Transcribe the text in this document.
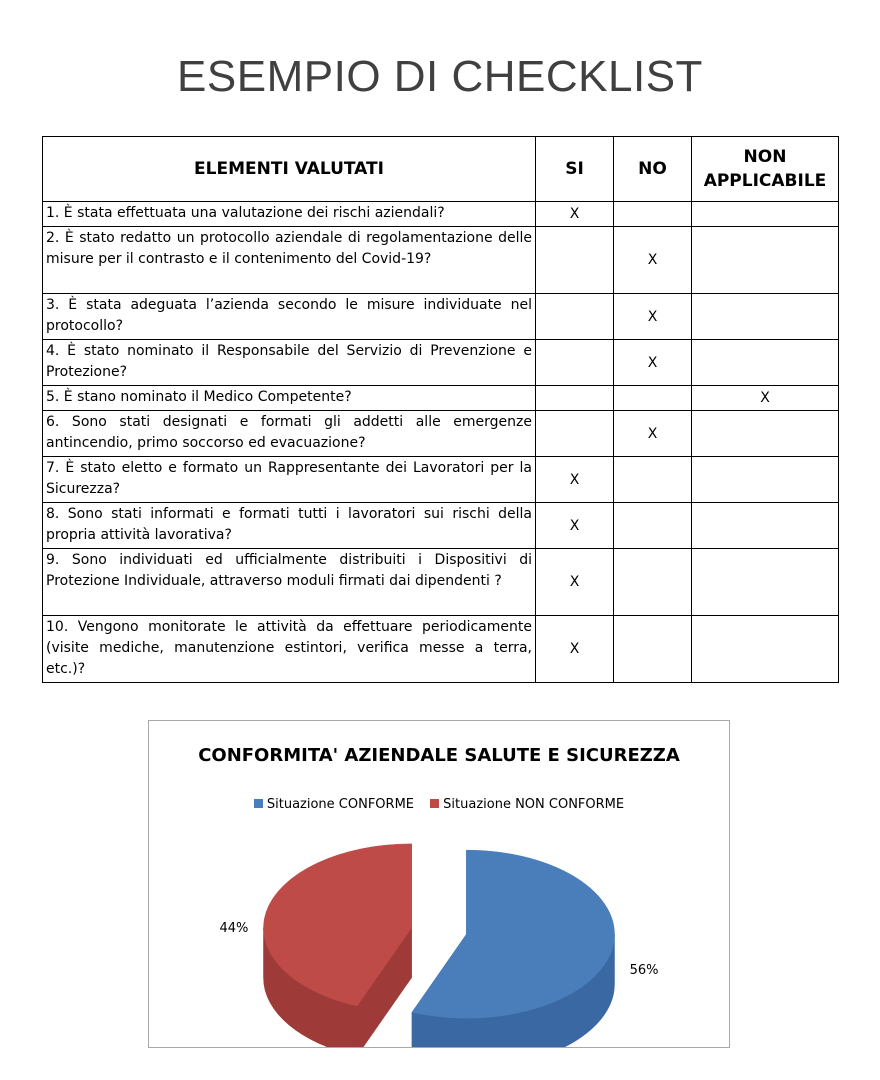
ESEMPIO DI CHECKLIST
ELEMENTI VALUTATI	SI	NO	NON
APPLICABILE
1. È stata effettuata una valutazione dei rischi aziendali?	X		
2. È stato redatto un protocollo aziendale di regolamentazione delle misure per il contrasto e il contenimento del Covid-19?		X	
3. È stata adeguata l’azienda secondo le misure individuate nel protocollo?		X	
4. È stato nominato il Responsabile del Servizio di Prevenzione e Protezione?		X	
5. È stano nominato il Medico Competente?			X
6. Sono stati designati e formati gli addetti alle emergenze antincendio, primo soccorso ed evacuazione?		X	
7. È stato eletto e formato un Rappresentante dei Lavoratori per la Sicurezza?	X		
8. Sono stati informati e formati tutti i lavoratori sui rischi della propria attività lavorativa?	X		
9. Sono individuati ed ufficialmente distribuiti i Dispositivi di Protezione Individuale, attraverso moduli firmati dai dipendenti ?	X		
10. Vengono monitorate le attività da effettuare periodicamente (visite mediche, manutenzione estintori, verifica messe a terra, etc.)?	X		
CONFORMITA' AZIENDALE SALUTE E SICUREZZA
Situazione CONFORME Situazione NON CONFORME
56%
44%
